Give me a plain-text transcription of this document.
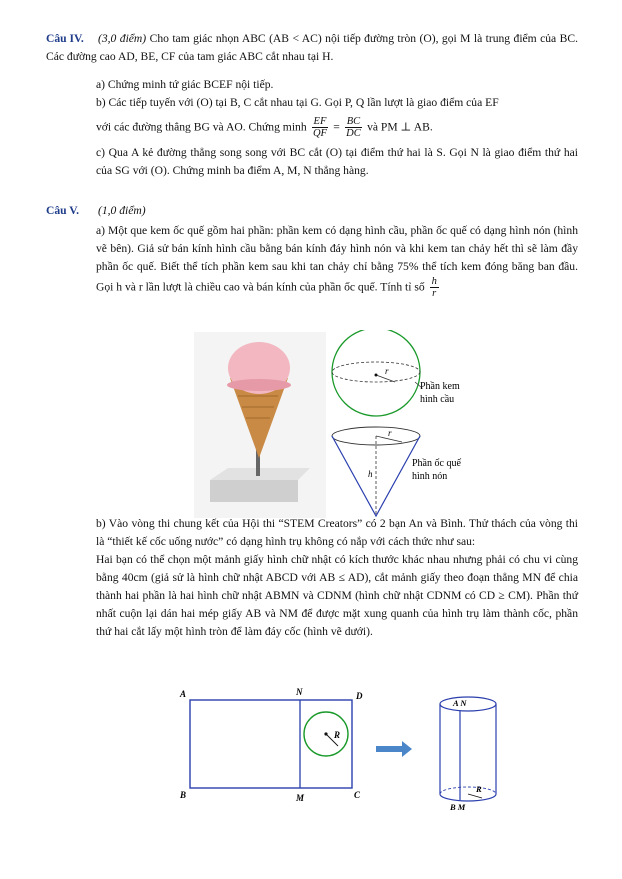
Câu IV. (3,0 điểm) Cho tam giác nhọn ABC (AB < AC) nội tiếp đường tròn (O), gọi M là trung điểm của BC. Các đường cao AD, BE, CF của tam giác ABC cắt nhau tại H.
a) Chứng minh tứ giác BCEF nội tiếp.
b) Các tiếp tuyến với (O) tại B, C cắt nhau tại G. Gọi P, Q lần lượt là giao điểm của EF
với các đường thẳng BG và AO. Chứng minh $\frac{EF}{QF} = \frac{BC}{DC}$ và PM ⊥ AB.
c) Qua A kẻ đường thẳng song song với BC cắt (O) tại điểm thứ hai là S. Gọi N là giao điểm thứ hai của SG với (O). Chứng minh ba điểm A, M, N thẳng hàng.
Câu V. (1,0 điểm)
a) Một que kem ốc quế gồm hai phần: phần kem có dạng hình cầu, phần ốc quế có dạng hình nón (hình vẽ bên). Giả sử bán kính hình cầu bằng bán kính đáy hình nón và khi kem tan chảy hết thì sẽ làm đầy phần ốc quế. Biết thể tích phần kem sau khi tan chảy chỉ bằng 75% thể tích kem đóng băng ban đầu. Gọi h và r lần lượt là chiều cao và bán kính của phần ốc quế. Tính tỉ số $\frac{h}{r}$
r
Phần kem
hình cầu
r
h
Phần ốc quế
hình nón
b) Vào vòng thi chung kết của Hội thi “STEM Creators” có 2 bạn An và Bình. Thử thách của vòng thi là “thiết kế cốc uống nước” có dạng hình trụ không có nắp với cách thức như sau:
Hai bạn có thể chọn một mảnh giấy hình chữ nhật có kích thước khác nhau nhưng phải có chu vi cùng bằng 40cm (giả sử là hình chữ nhật ABCD với AB ≤ AD), cắt mảnh giấy theo đoạn thẳng MN để chia thành hai phần là hai hình chữ nhật ABMN và CDNM (hình chữ nhật CDNM có CD ≥ CM). Phần thứ nhất cuộn lại dán hai mép giấy AB và NM để được mặt xung quanh của hình trụ làm thành cốc, phần thứ hai cắt lấy một hình tròn để làm đáy cốc (hình vẽ dưới).
R
A	N	D
B	M	C
A N
R
B M
